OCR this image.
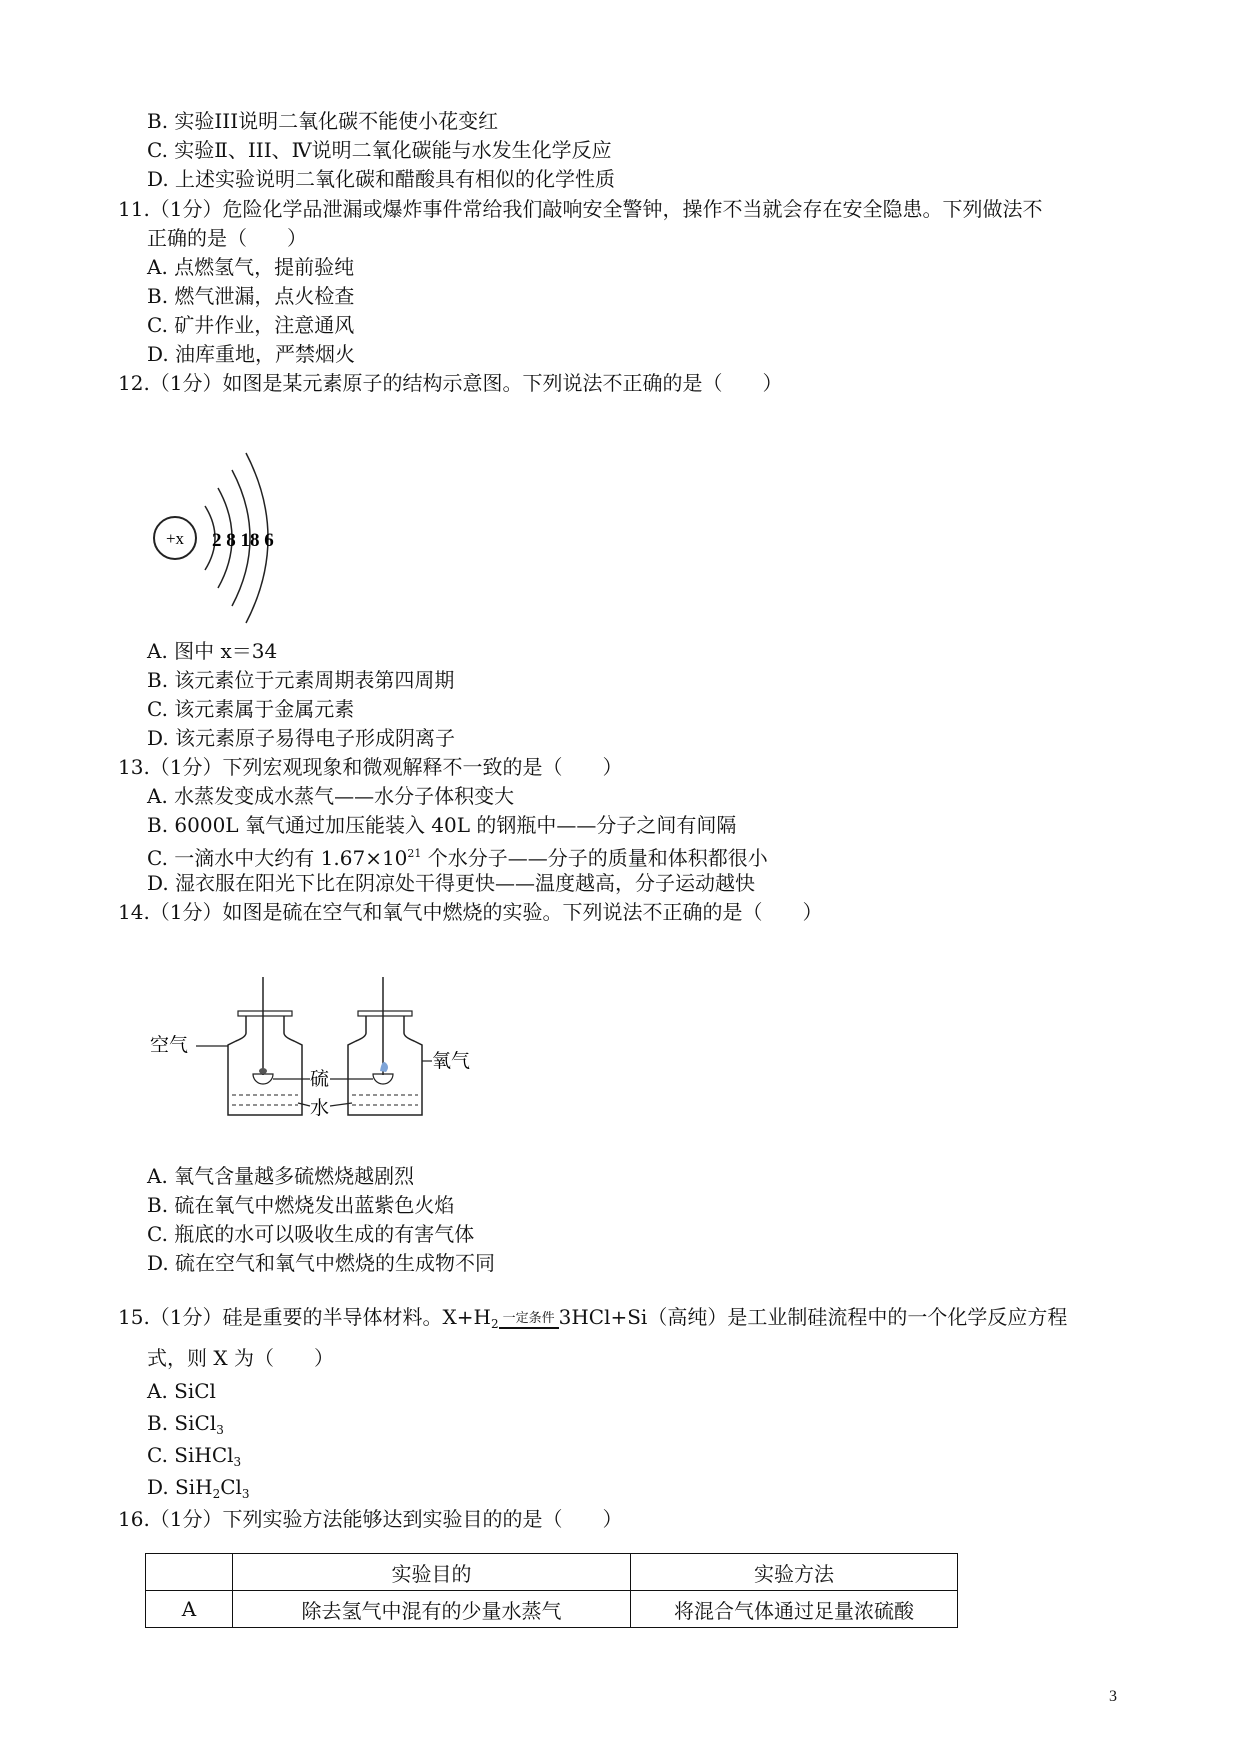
B. 实验III说明二氧化碳不能使小花变红
C. 实验Ⅱ、III、Ⅳ说明二氧化碳能与水发生化学反应
D. 上述实验说明二氧化碳和醋酸具有相似的化学性质
11.（1分）危险化学品泄漏或爆炸事件常给我们敲响安全警钟，操作不当就会存在安全隐患。下列做法不
正确的是（　　）
A. 点燃氢气，提前验纯
B. 燃气泄漏，点火检查
C. 矿井作业，注意通风
D. 油库重地，严禁烟火
12.（1分）如图是某元素原子的结构示意图。下列说法不正确的是（　　）
+x 2 8 18 6
A. 图中 x＝34
B. 该元素位于元素周期表第四周期
C. 该元素属于金属元素
D. 该元素原子易得电子形成阴离子
13.（1分）下列宏观现象和微观解释不一致的是（　　）
A. 水蒸发变成水蒸气——水分子体积变大
B. 6000L 氧气通过加压能装入 40L 的钢瓶中——分子之间有间隔
C. 一滴水中大约有 $1.67\times 10^{21}$ 个水分子——分子的质量和体积都很小
D. 湿衣服在阳光下比在阴凉处干得更快——温度越高，分子运动越快
14.（1分）如图是硫在空气和氧气中燃烧的实验。下列说法不正确的是（　　）
空气
氧气
硫
水
A. 氧气含量越多硫燃烧越剧烈
B. 硫在氧气中燃烧发出蓝紫色火焰
C. 瓶底的水可以吸收生成的有害气体
D. 硫在空气和氧气中燃烧的生成物不同
15.（1分）硅是重要的半导体材料。$X+H_2$ 一定条件 3HCl+Si（高纯）是工业制硅流程中的一个化学反应方程
式，则 X 为（　　）
A. SiCl
B. SiCl$_3$
C. SiHCl$_3$
D. $SiH_2Cl_3$
16.（1分）下列实验方法能够达到实验目的的是（　　）
	实验目的	实验方法
A	除去氢气中混有的少量水蒸气	将混合气体通过足量浓硫酸
3
